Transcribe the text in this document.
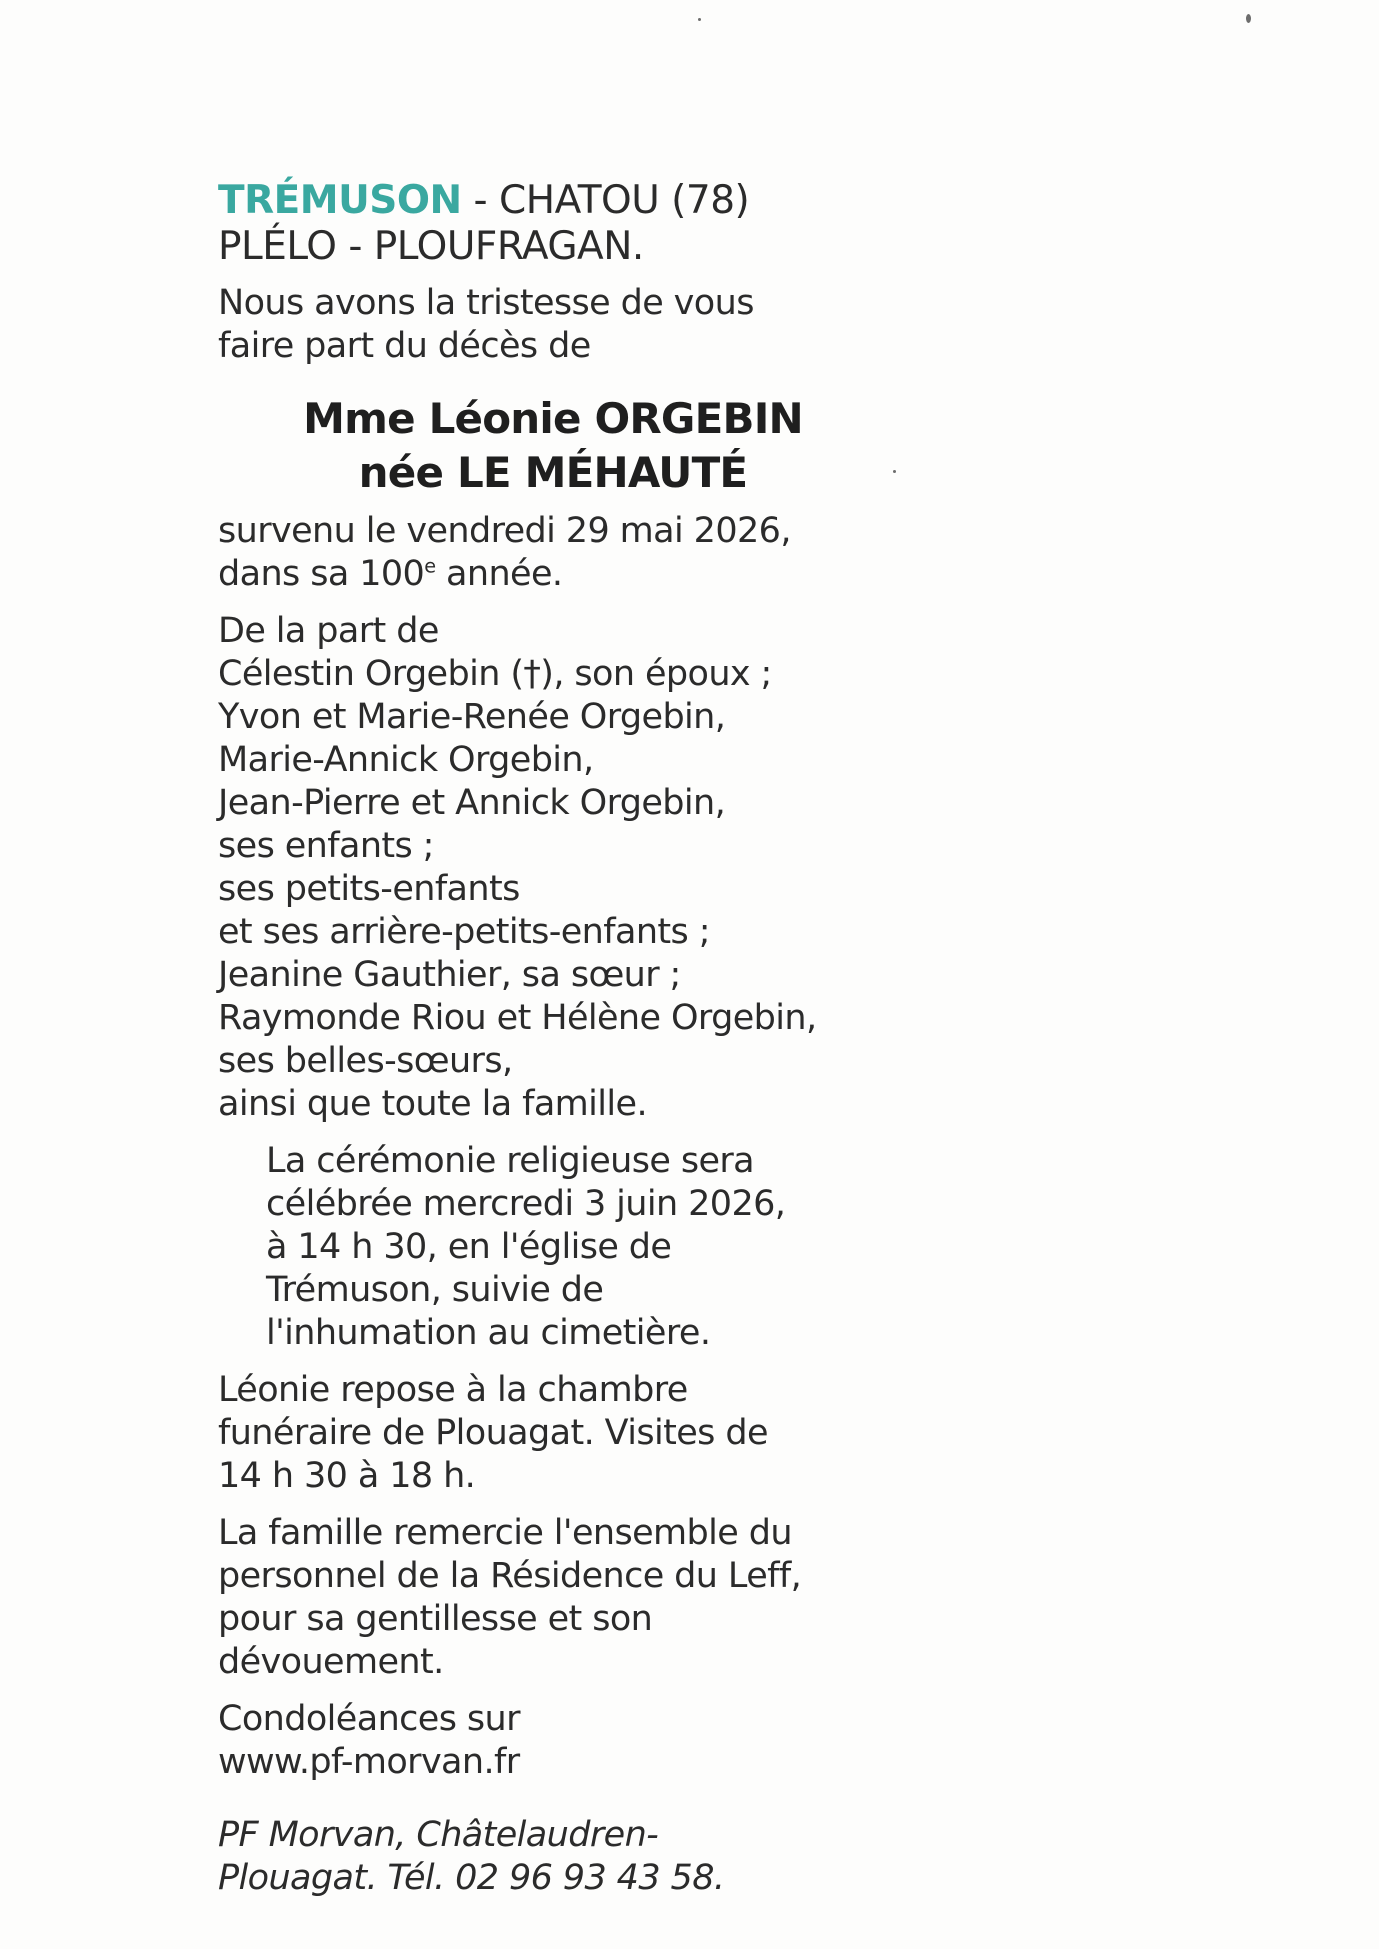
TRÉMUSON - CHATOU (78)
PLÉLO - PLOUFRAGAN.
Nous avons la tristesse de vous
faire part du décès de
Mme Léonie ORGEBIN
née LE MÉHAUTÉ
survenu le vendredi 29 mai 2026,
dans sa 100e année.
De la part de
Célestin Orgebin (†), son époux ;
Yvon et Marie-Renée Orgebin,
Marie-Annick Orgebin,
Jean-Pierre et Annick Orgebin,
ses enfants ;
ses petits-enfants
et ses arrière-petits-enfants ;
Jeanine Gauthier, sa sœur ;
Raymonde Riou et Hélène Orgebin,
ses belles-sœurs,
ainsi que toute la famille.
La cérémonie religieuse sera
célébrée mercredi 3 juin 2026,
à 14 h 30, en l'église de
Trémuson, suivie de
l'inhumation au cimetière.
Léonie repose à la chambre
funéraire de Plouagat. Visites de
14 h 30 à 18 h.
La famille remercie l'ensemble du
personnel de la Résidence du Leff,
pour sa gentillesse et son
dévouement.
Condoléances sur
www.pf-morvan.fr
PF Morvan, Châtelaudren-
Plouagat. Tél. 02 96 93 43 58.
